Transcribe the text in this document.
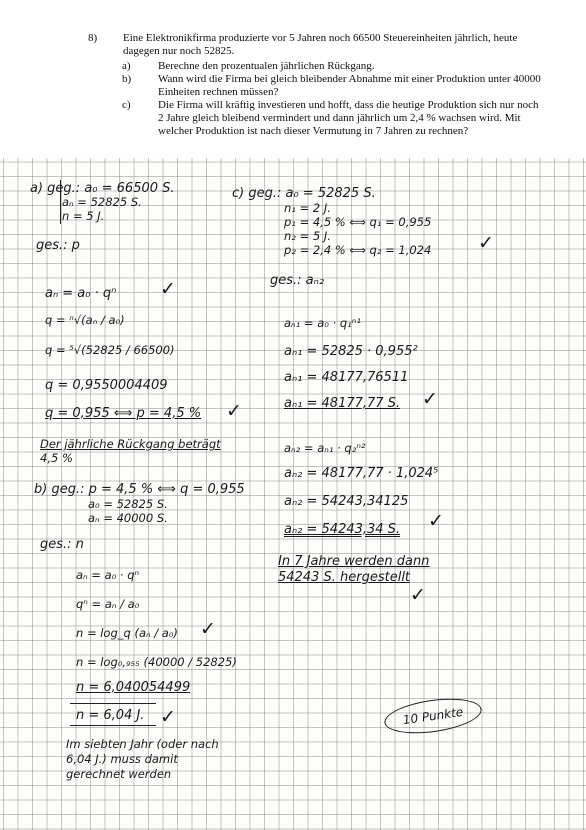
8) Eine Elektronikfirma produzierte vor 5 Jahren noch 66500 Steuereinheiten jährlich, heute dagegen nur noch 52825.
a) Berechne den prozentualen jährlichen Rückgang.
b) Wann wird die Firma bei gleich bleibender Abnahme mit einer Produktion unter 40000 Einheiten rechnen müssen?
c) Die Firma will kräftig investieren und hofft, dass die heutige Produktion sich nur noch 2 Jahre gleich bleibend vermindert und dann jährlich um 2,4 % wachsen wird. Mit welcher Produktion ist nach dieser Vermutung in 7 Jahren zu rechnen?
a) geg.: a₀ = 66500 S.
aₙ = 52825 S.
n = 5 J.
ges.: p
aₙ = a₀ · qⁿ ✓
q = ⁿ√(aₙ / a₀)
q = ⁵√(52825 / 66500)
q = 0,9550004409
q = 0,955 ⟺ p = 4,5 % ✓
Der jährliche Rückgang beträgt
4,5 %
b) geg.: p = 4,5 % ⟺ q = 0,955
a₀ = 52825 S.
aₙ = 40000 S.
ges.: n
aₙ = a₀ · qⁿ
qⁿ = aₙ / a₀
n = log_q (aₙ / a₀) ✓
n = log₀,₉₅₅ (40000 / 52825)
n = 6,040054499
n = 6,04 J. ✓
Im siebten Jahr (oder nach
6,04 J.) muss damit
gerechnet werden
c) geg.: a₀ = 52825 S.
n₁ = 2 J.
p₁ = 4,5 % ⟺ q₁ = 0,955
n₂ = 5 J.
p₂ = 2,4 % ⟺ q₂ = 1,024 ✓
ges.: aₙ₂
aₙ₁ = a₀ · q₁ⁿ¹
aₙ₁ = 52825 · 0,955²
aₙ₁ = 48177,76511
aₙ₁ = 48177,77 S. ✓
aₙ₂ = aₙ₁ · q₂ⁿ²
aₙ₂ = 48177,77 · 1,024⁵
aₙ₂ = 54243,34125
aₙ₂ = 54243,34 S. ✓
In 7 Jahre werden dann
54243 S. hergestellt
✓
10 Punkte
